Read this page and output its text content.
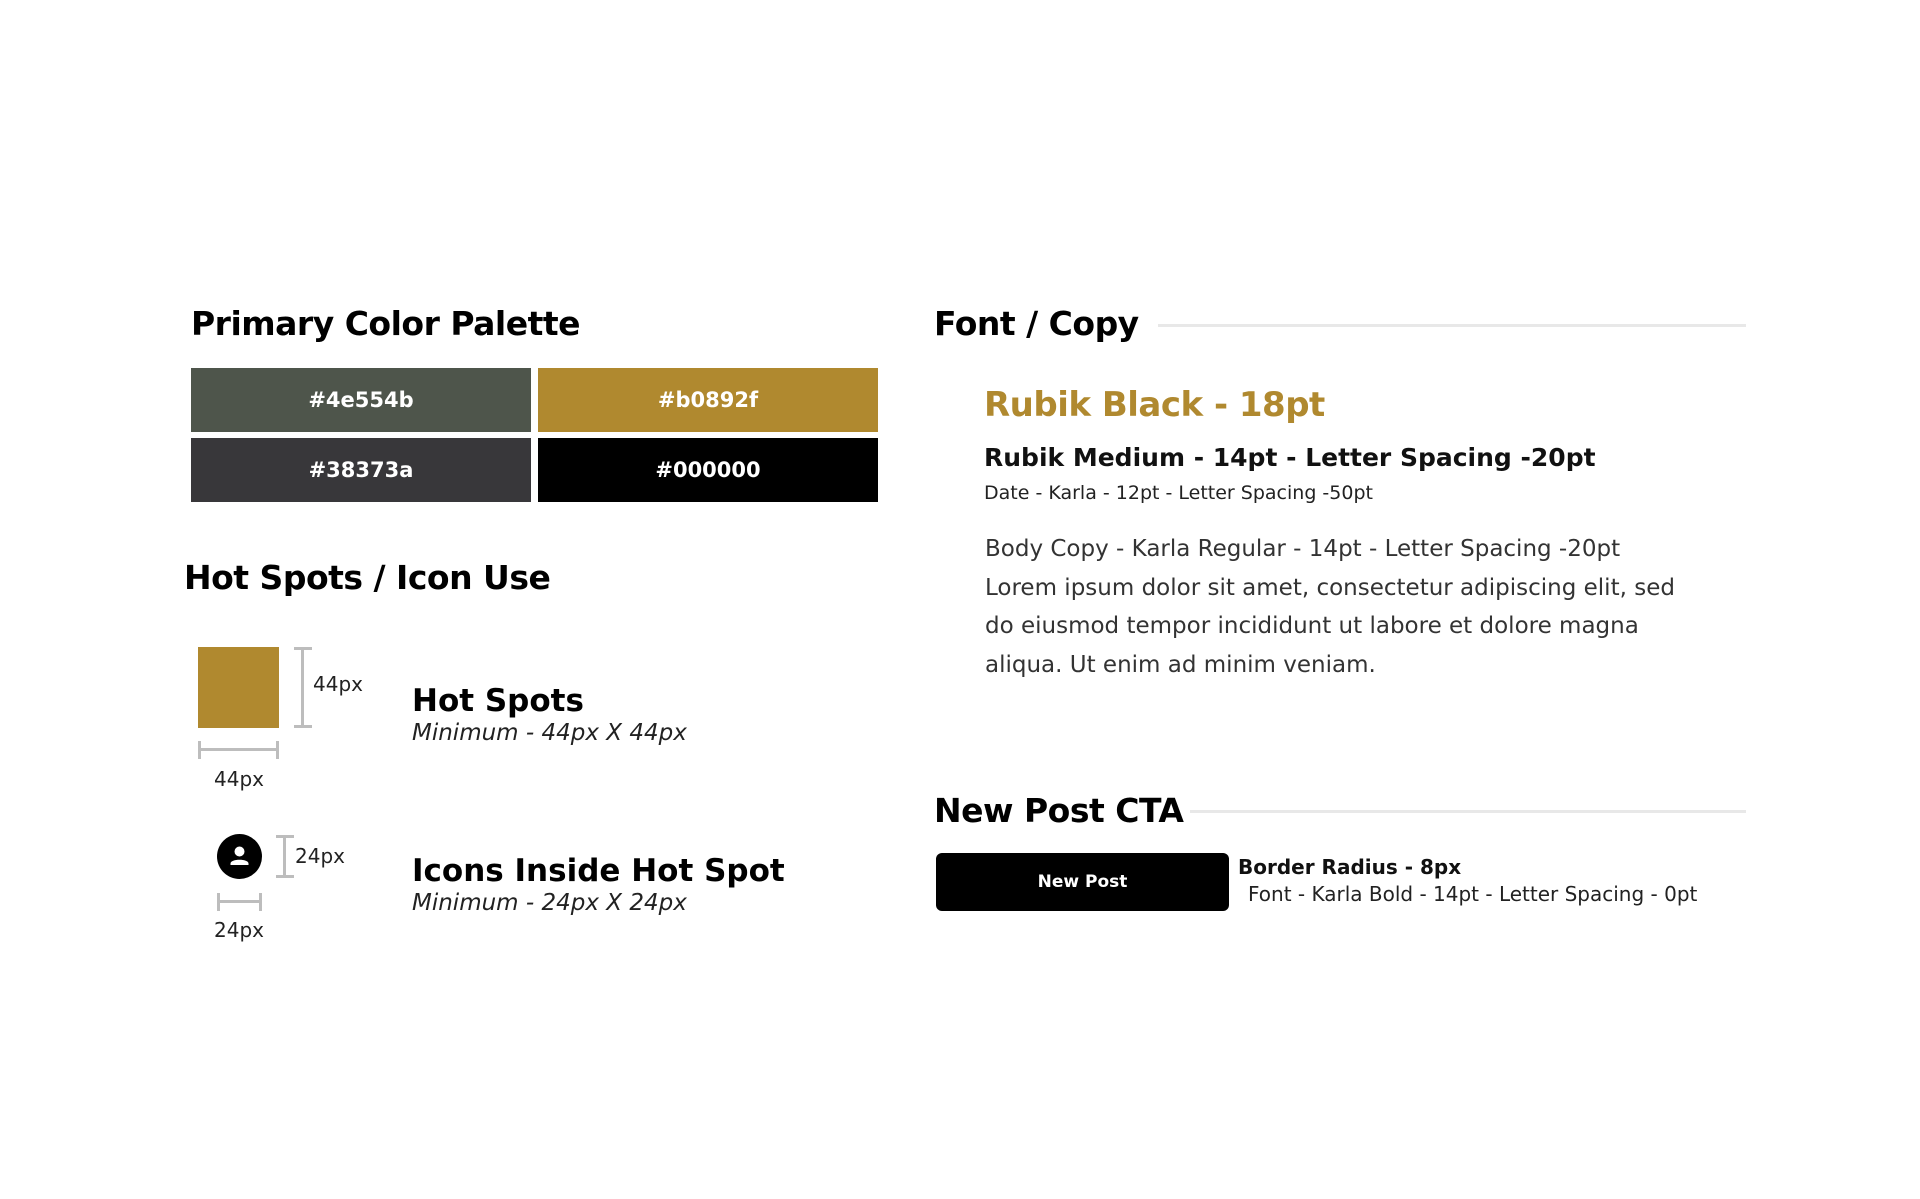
Primary Color Palette
#4e554b	#b0892f
#38373a	#000000
Hot Spots / Icon Use
44px
44px
Hot Spots
Minimum - 44px X 44px
24px
24px
Icons Inside Hot Spot
Minimum - 24px X 24px
Font / Copy
Rubik Black - 18pt
Rubik Medium - 14pt - Letter Spacing -20pt
Date - Karla - 12pt - Letter Spacing -50pt
Body Copy - Karla Regular - 14pt - Letter Spacing -20pt
Lorem ipsum dolor sit amet, consectetur adipiscing elit, sed
do eiusmod tempor incididunt ut labore et dolore magna
aliqua. Ut enim ad minim veniam.
New Post CTA
New Post
Border Radius - 8px
Font - Karla Bold - 14pt - Letter Spacing - 0pt
